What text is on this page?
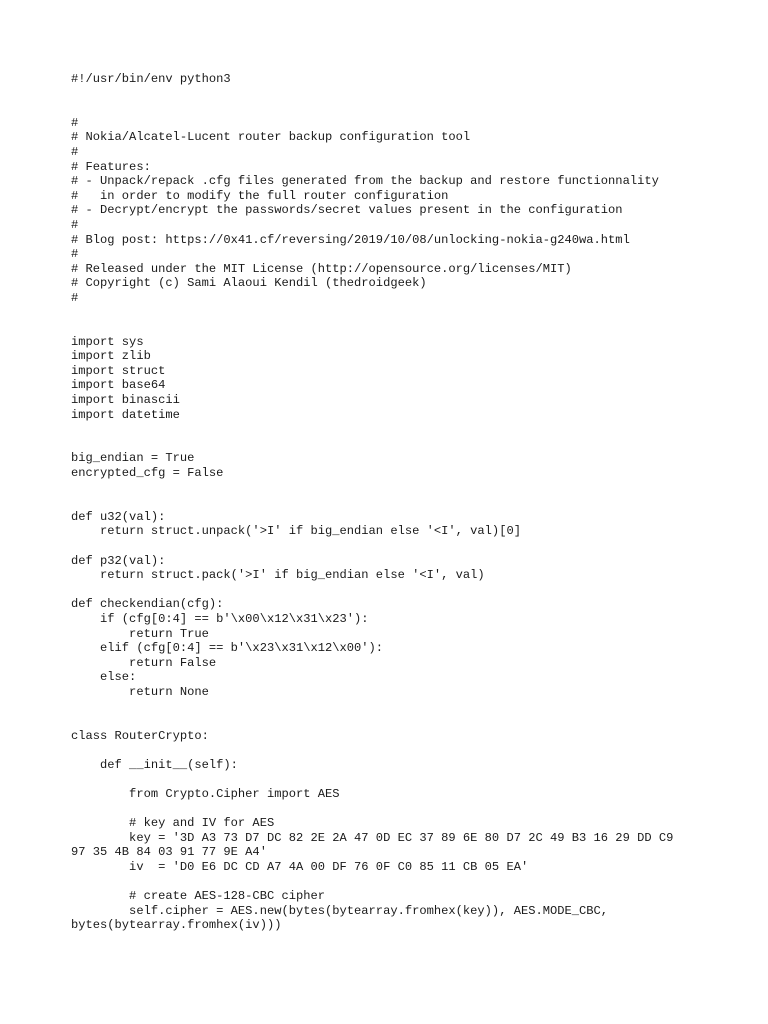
#!/usr/bin/env python3
#
# Nokia/Alcatel-Lucent router backup configuration tool
#
# Features:
# - Unpack/repack .cfg files generated from the backup and restore functionnality
#   in order to modify the full router configuration
# - Decrypt/encrypt the passwords/secret values present in the configuration
#
# Blog post: https://0x41.cf/reversing/2019/10/08/unlocking-nokia-g240wa.html
#
# Released under the MIT License (http://opensource.org/licenses/MIT)
# Copyright (c) Sami Alaoui Kendil (thedroidgeek)
#
import sys
import zlib
import struct
import base64
import binascii
import datetime
big_endian = True
encrypted_cfg = False
def u32(val):
return struct.unpack('>I' if big_endian else '<I', val)[0]
def p32(val):
return struct.pack('>I' if big_endian else '<I', val)
def checkendian(cfg):
if (cfg[0:4] == b'\x00\x12\x31\x23'):
return True
elif (cfg[0:4] == b'\x23\x31\x12\x00'):
return False
else:
return None
class RouterCrypto:
def __init__(self):
from Crypto.Cipher import AES
# key and IV for AES
key = '3D A3 73 D7 DC 82 2E 2A 47 0D EC 37 89 6E 80 D7 2C 49 B3 16 29 DD C9
97 35 4B 84 03 91 77 9E A4'
iv  = 'D0 E6 DC CD A7 4A 00 DF 76 0F C0 85 11 CB 05 EA'
# create AES-128-CBC cipher
self.cipher = AES.new(bytes(bytearray.fromhex(key)), AES.MODE_CBC,
bytes(bytearray.fromhex(iv)))
